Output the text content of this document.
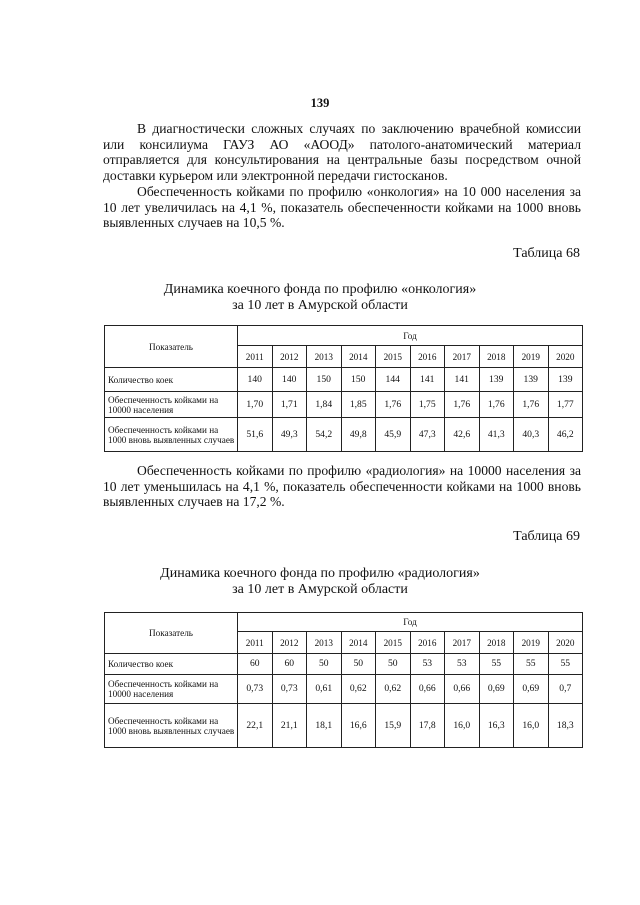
139
В диагностически сложных случаях по заключению врачебной комиссии
или консилиума ГАУЗ АО «АООД» патолого-анатомический материал
отправляется для консультирования на центральные базы посредством очной
доставки курьером или электронной передачи гистосканов.
Обеспеченность койками по профилю «онкология» на 10 000 населения за
10 лет увеличилась на 4,1 %, показатель обеспеченности койками на 1000 вновь
выявленных случаев на 10,5 %.
Таблица 68
Динамика коечного фонда по профилю «онкология»
за 10 лет в Амурской области
Показатель	Год									
	2011	2012	2013	2014	2015	2016	2017	2018	2019	2020
Количество коек	140	140	150	150	144	141	141	139	139	139
Обеспеченность койками на 10000 населения	1,70	1,71	1,84	1,85	1,76	1,75	1,76	1,76	1,76	1,77
Обеспеченность койками на 1000 вновь выявленных случаев	51,6	49,3	54,2	49,8	45,9	47,3	42,6	41,3	40,3	46,2
Обеспеченность койками по профилю «радиология» на 10000 населения за
10 лет уменьшилась на 4,1 %, показатель обеспеченности койками на 1000 вновь
выявленных случаев на 17,2 %.
Таблица 69
Динамика коечного фонда по профилю «радиология»
за 10 лет в Амурской области
Показатель	Год									
	2011	2012	2013	2014	2015	2016	2017	2018	2019	2020
Количество коек	60	60	50	50	50	53	53	55	55	55
Обеспеченность койками на 10000 населения	0,73	0,73	0,61	0,62	0,62	0,66	0,66	0,69	0,69	0,7
Обеспеченность койками на 1000 вновь выявленных случаев	22,1	21,1	18,1	16,6	15,9	17,8	16,0	16,3	16,0	18,3
